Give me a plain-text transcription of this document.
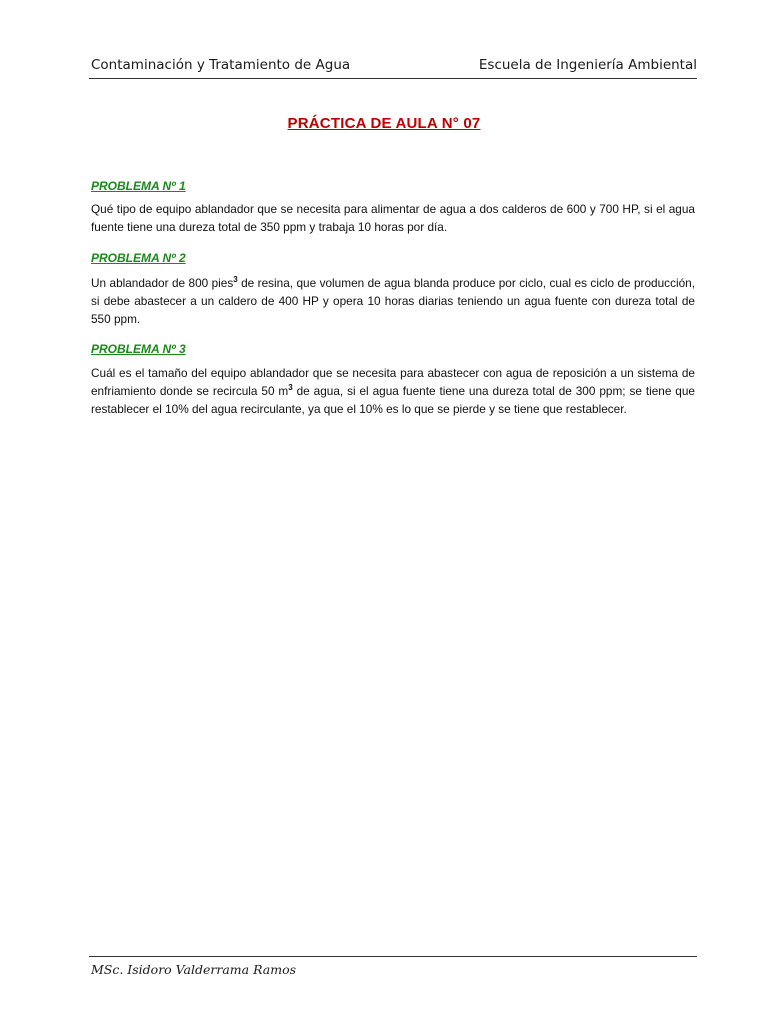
Contaminación y Tratamiento de Agua	Escuela de Ingeniería Ambiental
PRÁCTICA DE AULA N° 07
PROBLEMA Nº 1
Qué tipo de equipo ablandador que se necesita para alimentar de agua a dos calderos de 600 y 700 HP, si el agua fuente tiene una dureza total de 350 ppm y trabaja 10 horas por día.
PROBLEMA Nº 2
Un ablandador de 800 pies$^3$ de resina, que volumen de agua blanda produce por ciclo, cual es ciclo de producción, si debe abastecer a un caldero de 400 HP y opera 10 horas diarias teniendo un agua fuente con dureza total de 550 ppm.
PROBLEMA Nº 3
Cuál es el tamaño del equipo ablandador que se necesita para abastecer con agua de reposición a un sistema de enfriamiento donde se recircula 50 $m^3$ de agua, si el agua fuente tiene una dureza total de 300 ppm; se tiene que restablecer el 10% del agua recirculante, ya que el 10% es lo que se pierde y se tiene que restablecer.
MSc. Isidoro Valderrama Ramos
